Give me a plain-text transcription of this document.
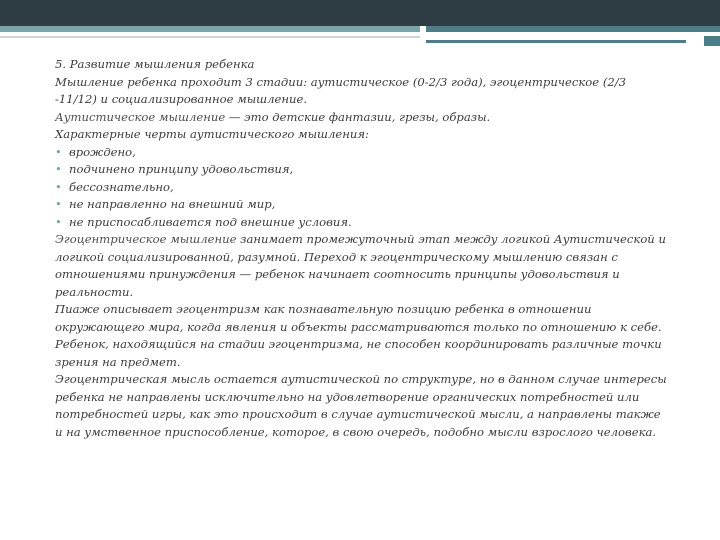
5. Развитие мышления ребенка

Мышление ребенка проходит 3 стадии: аутистическое (0-2/3 года), эгоцентрическое (2/3 -11/12) и социализированное мышление.

Аутистическое мышление — это детские фантазии, грезы, образы.

Характерные черты аутистического мышления:

• врождено,

• подчинено принципу удовольствия,

• бессознательно,

• не направленно на внешний мир,

• не приспосабливается под внешние условия.

Эгоцентрическое мышление занимает промежуточный этап между логикой Аутистической и логикой социализированной, разумной. Переход к эгоцентрическому мышлению связан с отношениями принуждения — ребенок начинает соотносить принципы удовольствия и реальности.

Пиаже описывает эгоцентризм как познавательную позицию ребенка в отношении окружающего мира, когда явления и объекты рассматриваются только по отношению к себе. Ребенок, находящийся на стадии эгоцентризма, не способен координировать различные точки зрения на предмет.

Эгоцентрическая мысль остается аутистической по структуре, но в данном случае интересы ребенка не направлены исключительно на удовлетворение органических потребностей или потребностей игры, как это происходит в случае аутистической мысли, а направлены также и на умственное приспособление, которое, в свою очередь, подобно мысли взрослого человека.
